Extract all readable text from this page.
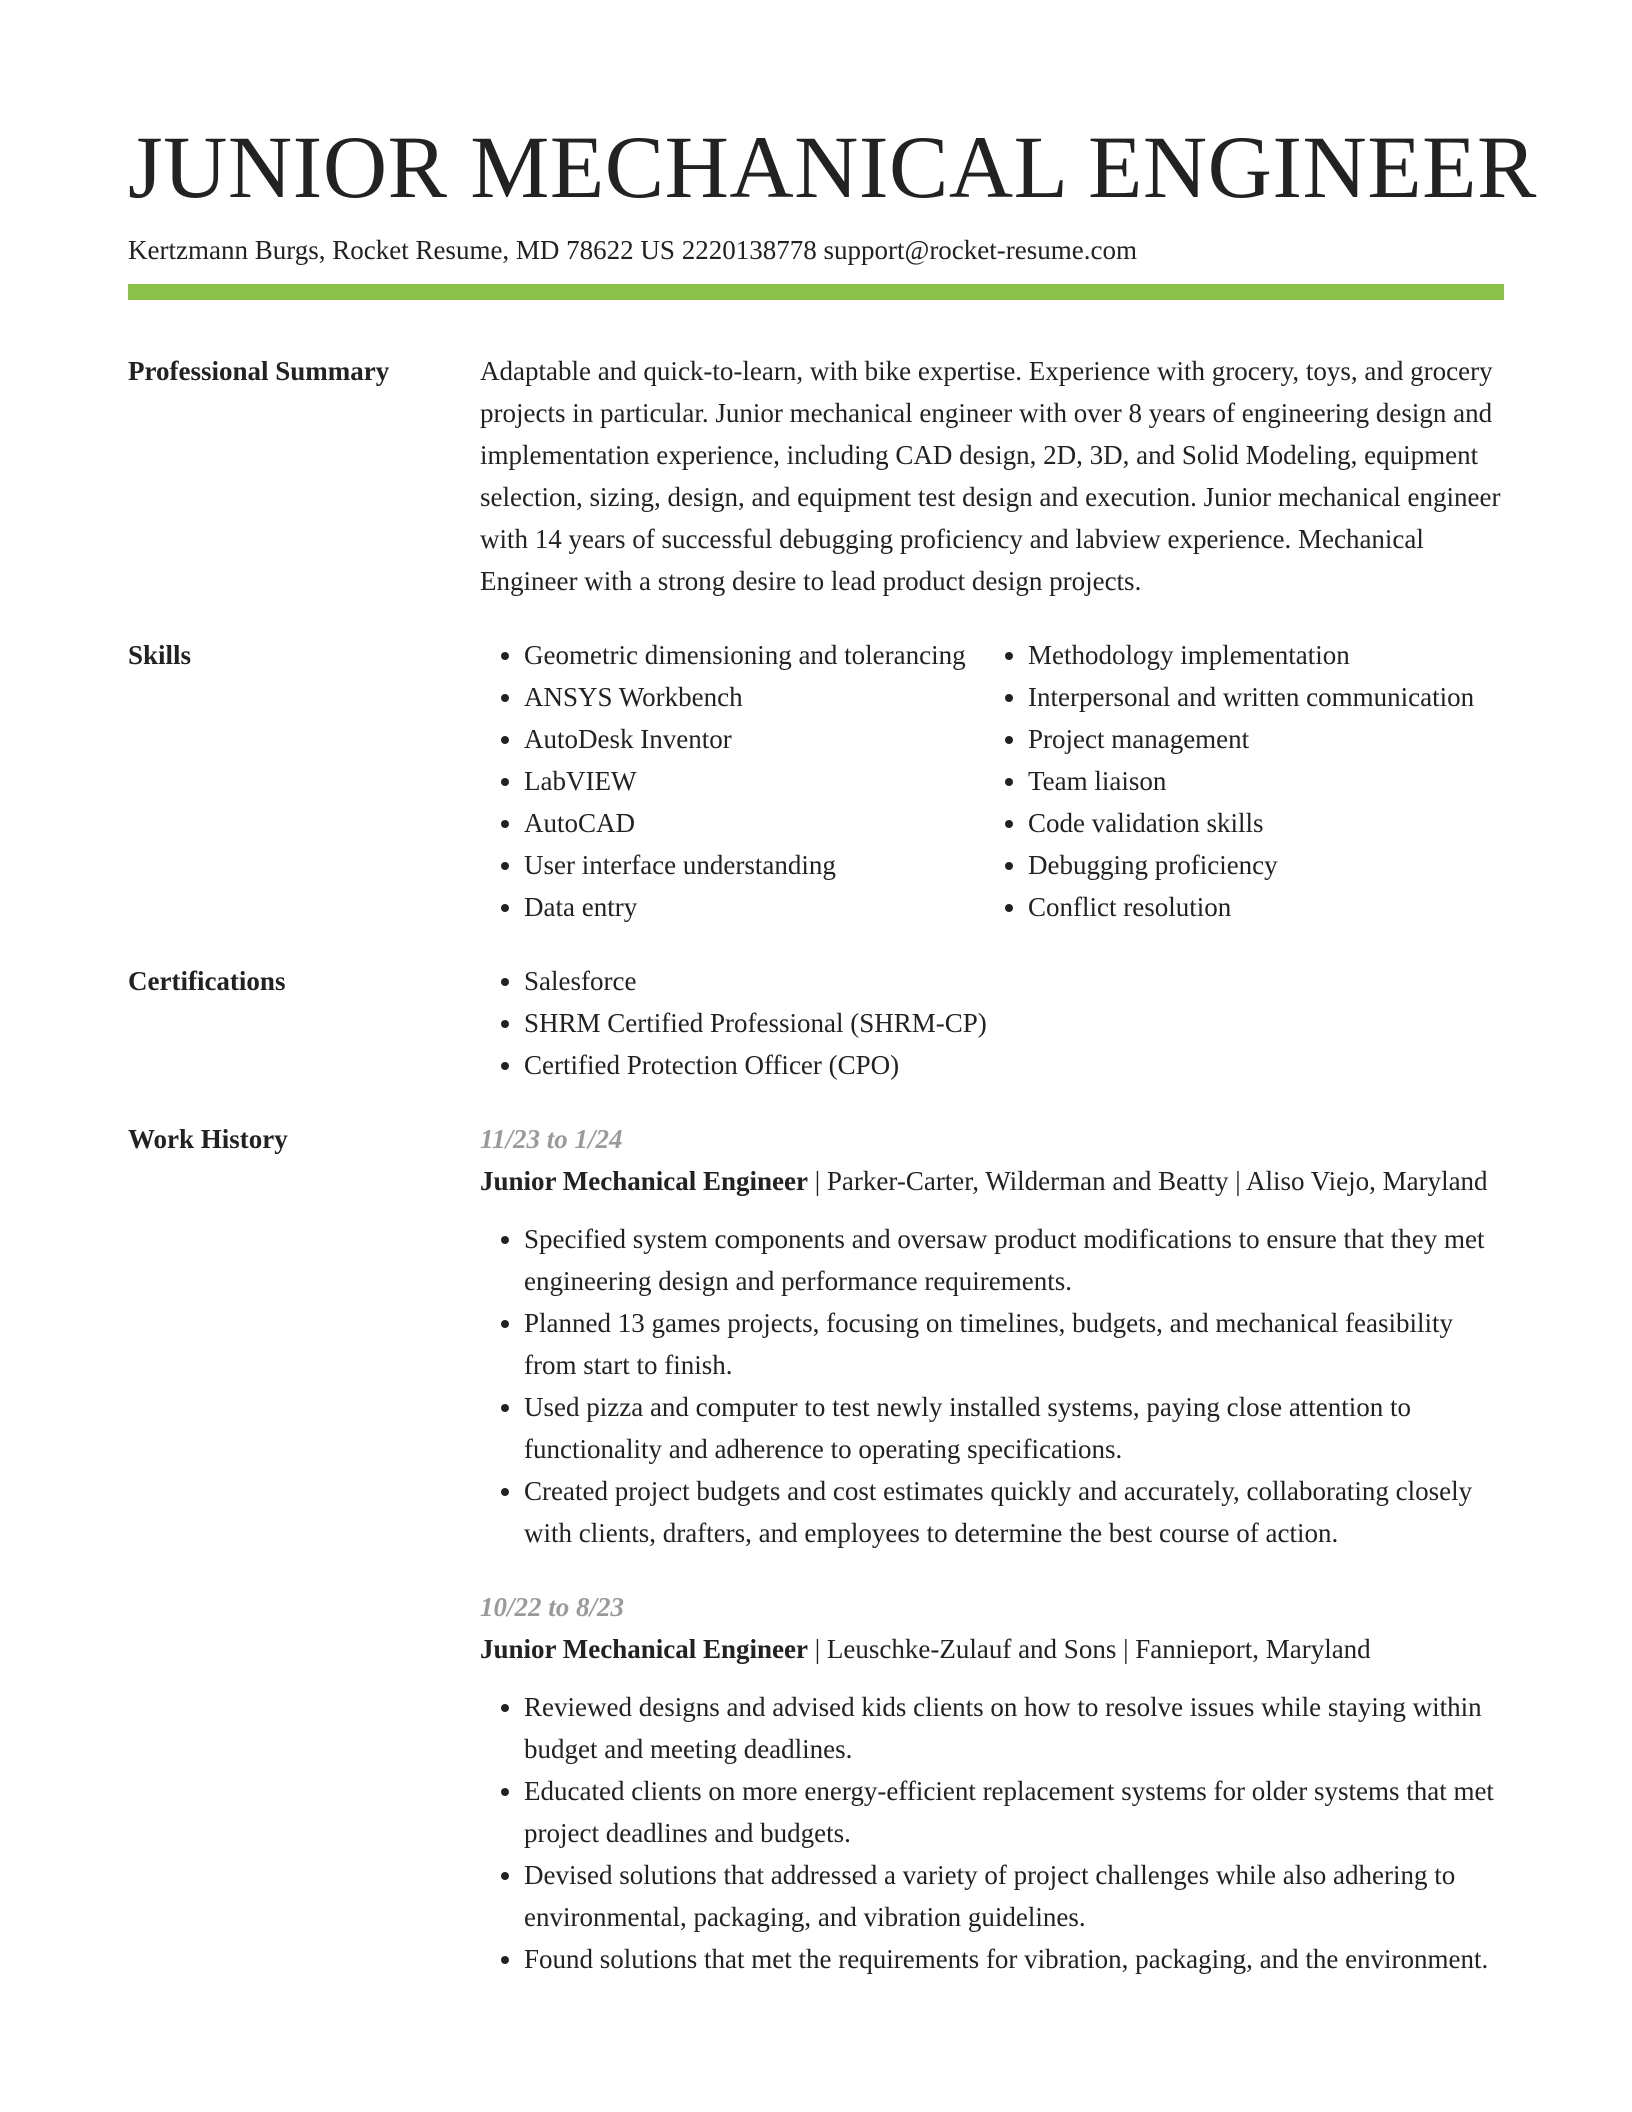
JUNIOR MECHANICAL ENGINEER
Kertzmann Burgs, Rocket Resume, MD 78622 US 2220138778 support@rocket-resume.com
Professional Summary	Adaptable and quick-to-learn, with bike expertise. Experience with grocery, toys, and grocery projects in particular. Junior mechanical engineer with over 8 years of engineering design and implementation experience, including CAD design, 2D, 3D, and Solid Modeling, equipment selection, sizing, design, and equipment test design and execution. Junior mechanical engineer with 14 years of successful debugging proficiency and labview experience. Mechanical Engineer with a strong desire to lead product design projects.

Skills	• Geometric dimensioning and tolerancing
• ANSYS Workbench
• AutoDesk Inventor
• LabVIEW
• AutoCAD
• User interface understanding
• Data entry
• Methodology implementation
• Interpersonal and written communication
• Project management
• Team liaison
• Code validation skills
• Debugging proficiency
• Conflict resolution
Certifications	• Salesforce
• SHRM Certified Professional (SHRM-CP)
• Certified Protection Officer (CPO)
Work History	11/23 to 1/24
Junior Mechanical Engineer | Parker-Carter, Wilderman and Beatty | Aliso Viejo, Maryland
• Specified system components and oversaw product modifications to ensure that they met engineering design and performance requirements.
• Planned 13 games projects, focusing on timelines, budgets, and mechanical feasibility from start to finish.
• Used pizza and computer to test newly installed systems, paying close attention to functionality and adherence to operating specifications.
• Created project budgets and cost estimates quickly and accurately, collaborating closely with clients, drafters, and employees to determine the best course of action.
10/22 to 8/23
Junior Mechanical Engineer | Leuschke-Zulauf and Sons | Fannieport, Maryland
• Reviewed designs and advised kids clients on how to resolve issues while staying within budget and meeting deadlines.
• Educated clients on more energy-efficient replacement systems for older systems that met project deadlines and budgets.
• Devised solutions that addressed a variety of project challenges while also adhering to environmental, packaging, and vibration guidelines.
• Found solutions that met the requirements for vibration, packaging, and the environment.
